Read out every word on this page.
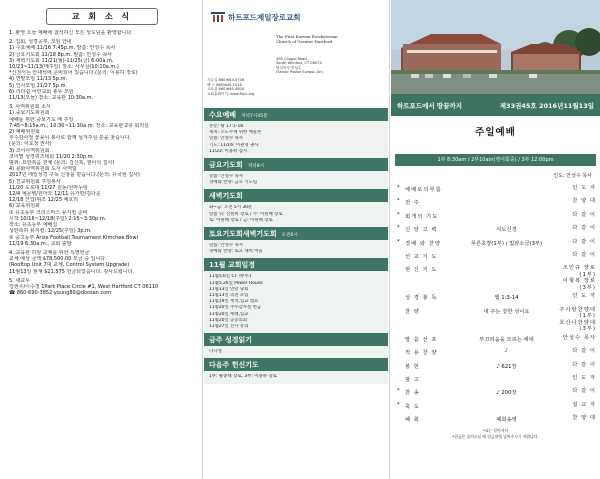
교 회 소 식
1. 환영 오늘 예배에 참석하신 모든 성도님을 환영합니다.
2. 집회, 성경공부, 모임 안내
1) 수요예배 11/16 7:45p.m. 말씀: 안성수 목사
2) 금요기도회 11/18 8p.m. 말씀: 안성수 목사
3) 새벽기도회 11/21(월)-11/25(금) 6:00a.m.
10/23~11/13(매주일) 장소: 사무실(10:10a.m.)
*신청서는 안내석에 준비되어 있습니다.(문의: 이용하 장로)
4) 연말모임 11/13 5p.m.
5) 인사모임 11/27 5p.m.
6) 리더쉽 어린교회 총무 모임
11/13(오늘) 장소: 교육관 10:30a.m.
3. 사역위원회 소식
1) 중보기도위원회
예배를 위한 중보기도 매 주일
7:45~8:15a.m.: 10:30~11:30a.m. 장소: 교육관 2층 회의실
2) 예배위원회
추수감사절 꽃꽂이 봉사로 함께 섬겨주실 분을 찾습니다.
(문의: 이효정 권사)
3) 코이사역위원회
코이별 성경퀴즈대회 11/20 2:30p.m.
범위: 요한복음 전체 (문의: 김신복, 권이석 집사)
4) 문화사역위원회 도서 사역팀
2017년 매일성경 구독 신청을 받습니다.(문의: 유국현 집사)
5) 친교위원회 주일봉사
11/20 도로대 11/27 원동/원마누팅
12/4 예문병/원마모 12/11 유가딴/김다운
12/18 산입/위조 12/25 예호리
6) 교육위원회
① 유초등부 크리스마스 뮤지컬 준비
시작 10/16~12/18(주일) 2:15~3:30p.m.
장소: 유초등부 예배실
성탄축하 뮤지컬: 12/25(주일) 3p.m.
② 중고등부 Arise Football Tournament Kimchee Bowl
11/19 6:30a.m., 교회 출발
4. 교육관 히팅 교체를 위한 특별헌금
교체 예상 금액 $78,500.00 모금 중 입니다.
(Rooftop Unit 7대 교체, Control System Upgrade)
11월13일 현재 $21,575 헌금되었습니다. 감사드립니다.
5. 새교우
강현우/이수정 1Park Place Circle #1, West Hartford CT 06110
☎ 860-690-3852 young80@doosan.com
하트포드제일장로교회
The First Korean Presbyterian
Church of Greater Hartford
300 Chapel Road,
South Windsor, CT 06074
담임목사 안성수
(Senior Pastor Sungsu An)
사무실 860)643-4738
팩 스 860)645-1416
교육관 860)649-4800
교회홈페이지: www.fkpc.org
수요예배 저녁7시45분
본문: 왕 17:1-18
제목: 꼬도주께 위한 예물론
말씀: 안성수 목사
기도: 11/16: 이광경 권사
11/23: 이용하 집사
금요기도회 저녁8시
말씀: 안성수 목사
경배와 찬양: 금요 기도팀
새벽기도회
화~금: 오전 5시 30분
말씀 뒤: 신원희 장로 / 주: 이원혜 장로
토: 이원혜 장로 / 금: 이원혜 장로
토요기도회새벽기도회 오전6시
말씀: 안성수 목사
경배와 찬양: 토요 새벽 어울
11월 교회일정
11월5,6일 CT 세미나
11월5,26일 Power House
11월13일 연말 당회
11월13일 의전 모임
11월19일 재적,입교 캠프
11월20일 추수감사절 헌금
11월20일 세례,입교
11월20일 공동의회
11월27일 진사 유의
금주 성경읽기
다니엘
다음주 헌신기도
1부: 황종태 장로, 3부: 이용하 장로
하트포드에서 땅끝까지	제33권45호 2016년11월13일
주일예배
1부 8:30am / 2부10am(영어회중) / 3부 12:00pm
인도: 안성수 목사
*	예배로의부름	인 도 자
*	전 주	찬 양 대
*	회개의 기도	다 같 이
*	신 앙 고 백	사도신경	다 같 이
*	경배 와 찬양	푸른초장(1부) / 빛과소금(3부)	다 같 이
선 교 기 도	다 같 이
현 신 기 도	조인규 장로(1부)
이형복 장로(3부)
성 경 봉 독	엡 1:3-14	인 도 자
찬 양	내 주는 강한 성이요	주사랑찬양대(1부)
호산나찬양대(3부)
말 씀 선 포	부끄러움을 모르는 세대	안성수 목사
적 용 찬 양	♪	다 같 이
봉 헌	♪ 621장	다 같 이
광 고	인 도 자
*	찬 송	♪ 200장	다 같 이
*	축 도	설 교 자
폐 회	폐회송영	찬 양 대
*표는 일어서서
*헌금은 들어오실 때 헌금함에 넣어주시기 바랍니다.
